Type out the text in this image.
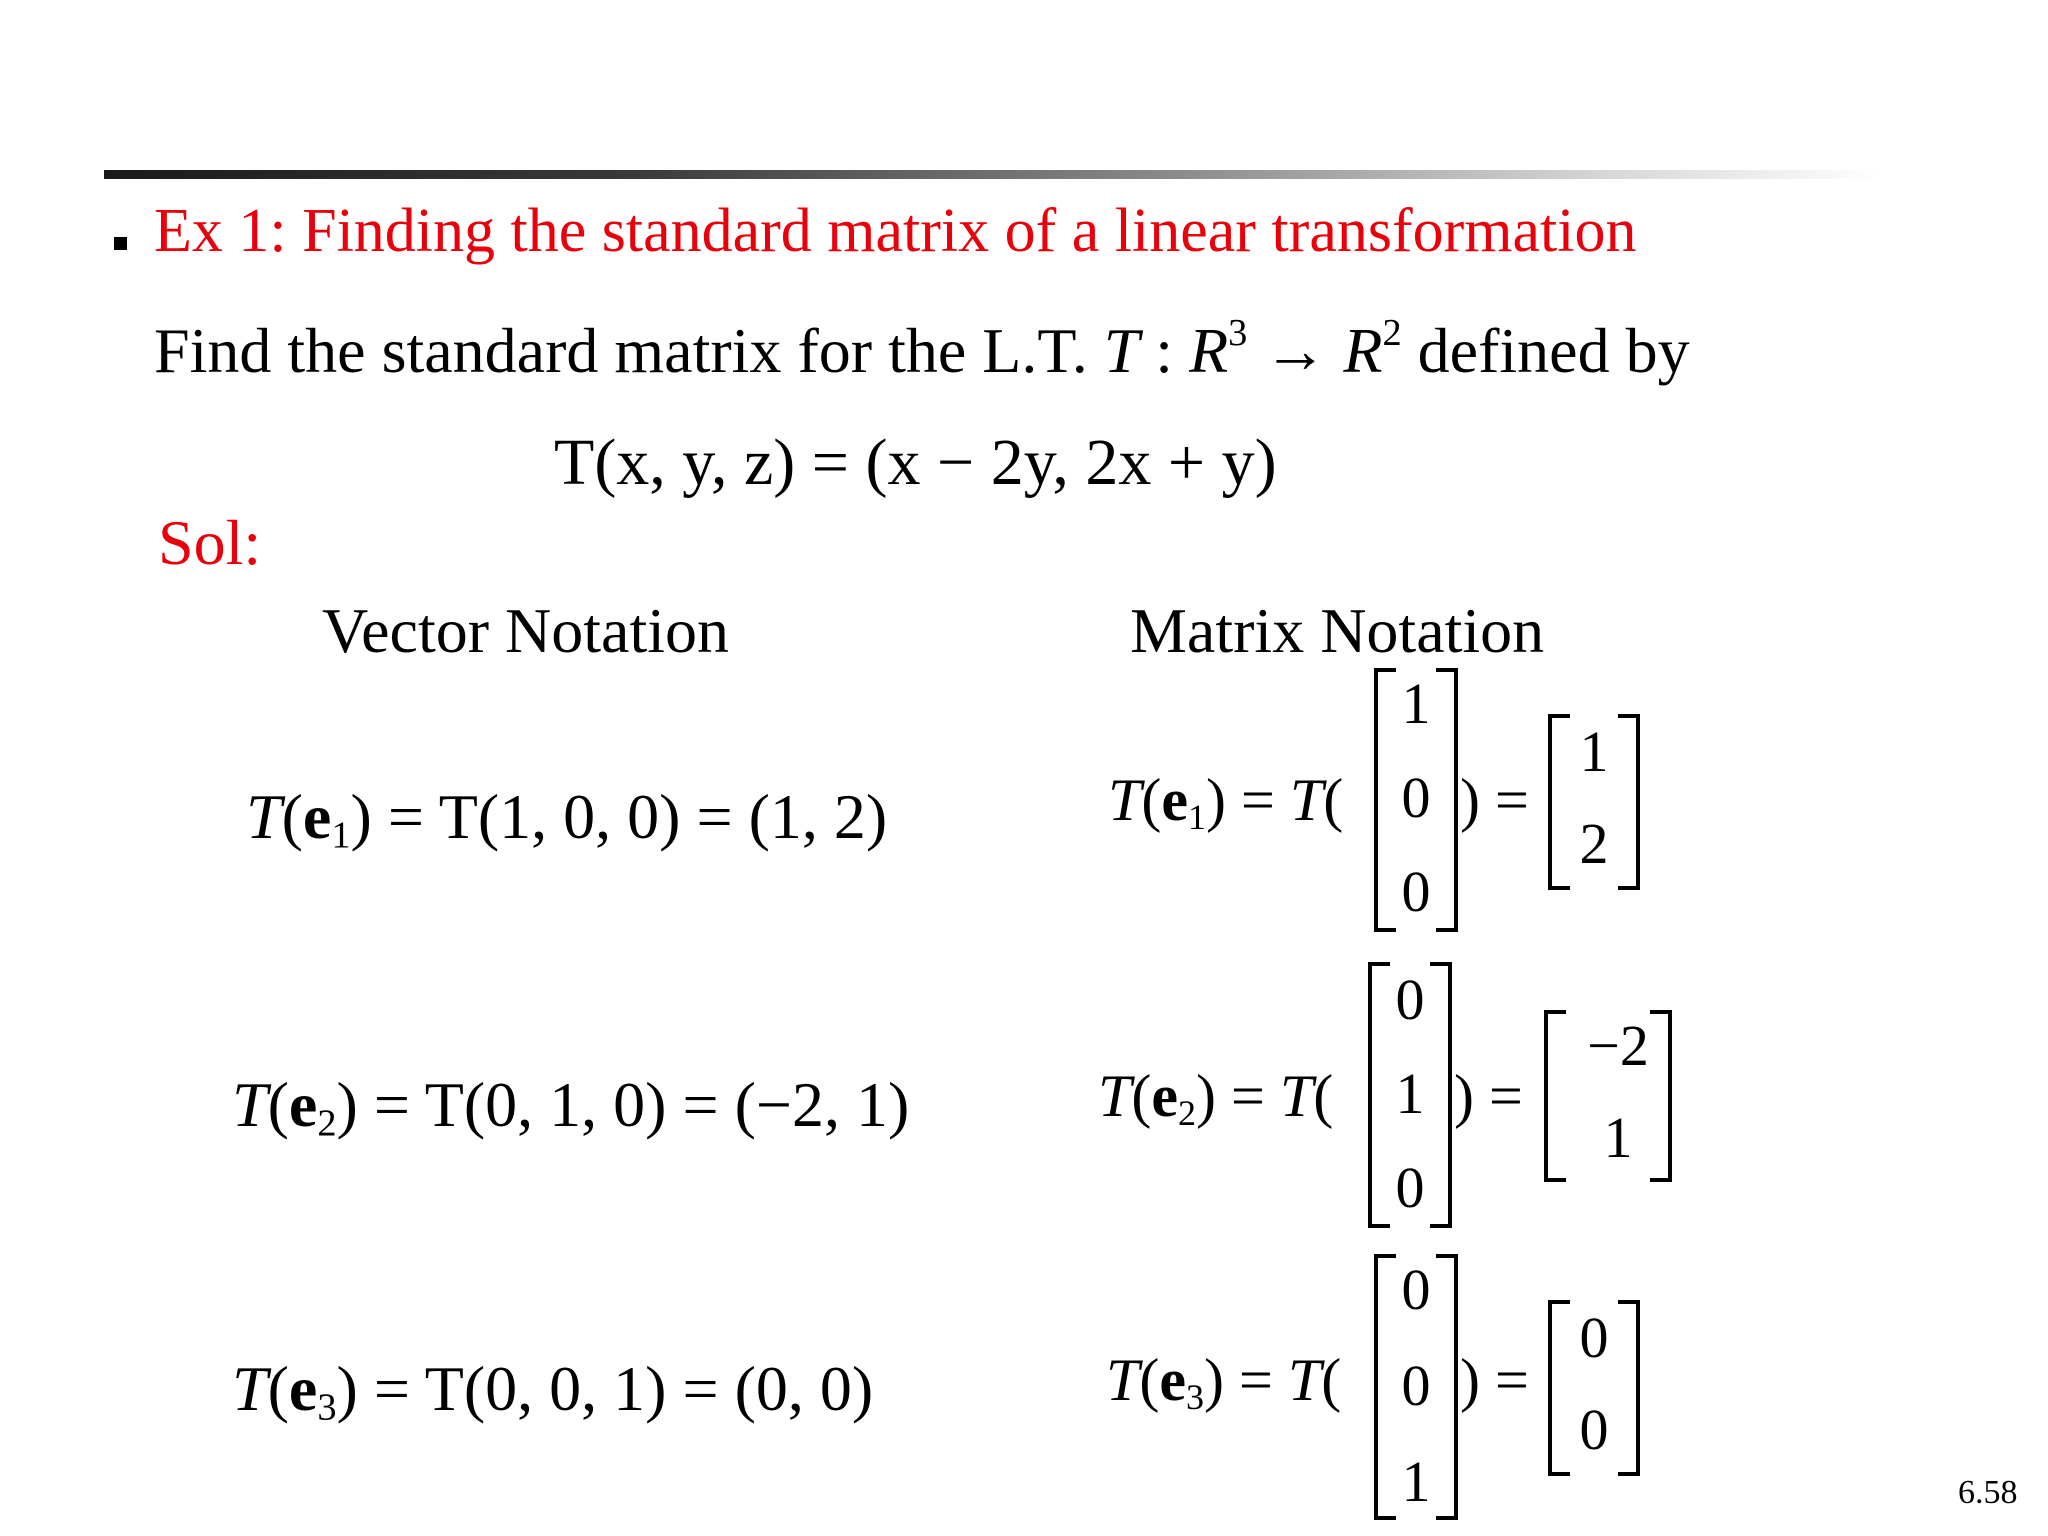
Ex 1: Finding the standard matrix of a linear transformation
Find the standard matrix for the L.T. T : $R^3 \to R^2$ defined by
T(x, y, z) = (x − 2y, 2x + y)
Sol:
Vector Notation	Matrix Notation
$T(e_1) = T(1$, 0, 0) = (1, 2)	$T(e_1) = T$(
1
0
0
) =
1
2
$T(e_2) = T(0$, 1, 0) = (−2, 1)	$T(e_2) = T$(
0
1
0
) =
−2
1
$T(e_3) = T(0$, 0, 1) = (0, 0)	$T(e_3) = T$(
0
0
1
) =
0
0
6.58
